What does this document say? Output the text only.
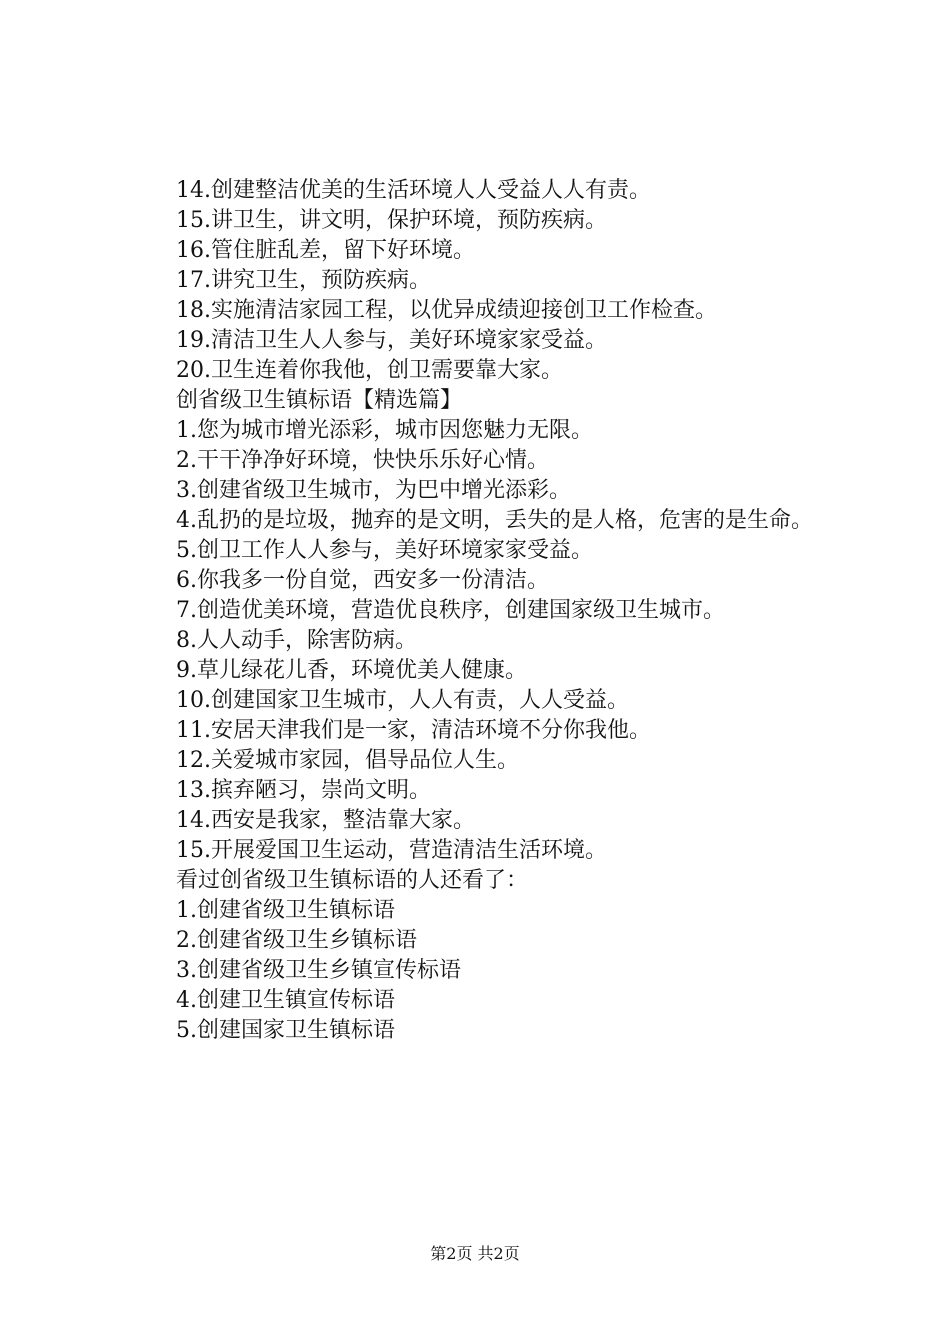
14.创建整洁优美的生活环境人人受益人人有责。
15.讲卫生，讲文明，保护环境，预防疾病。
16.管住脏乱差，留下好环境。
17.讲究卫生，预防疾病。
18.实施清洁家园工程，以优异成绩迎接创卫工作检查。
19.清洁卫生人人参与，美好环境家家受益。
20.卫生连着你我他，创卫需要靠大家。
创省级卫生镇标语【精选篇】
1.您为城市增光添彩，城市因您魅力无限。
2.干干净净好环境，快快乐乐好心情。
3.创建省级卫生城市，为巴中增光添彩。
4.乱扔的是垃圾，抛弃的是文明，丢失的是人格，危害的是生命。
5.创卫工作人人参与，美好环境家家受益。
6.你我多一份自觉，西安多一份清洁。
7.创造优美环境，营造优良秩序，创建国家级卫生城市。
8.人人动手，除害防病。
9.草儿绿花儿香，环境优美人健康。
10.创建国家卫生城市，人人有责，人人受益。
11.安居天津我们是一家，清洁环境不分你我他。
12.关爱城市家园，倡导品位人生。
13.摈弃陋习，崇尚文明。
14.西安是我家，整洁靠大家。
15.开展爱国卫生运动，营造清洁生活环境。
看过创省级卫生镇标语的人还看了：
1.创建省级卫生镇标语
2.创建省级卫生乡镇标语
3.创建省级卫生乡镇宣传标语
4.创建卫生镇宣传标语
5.创建国家卫生镇标语
第2页 共2页
